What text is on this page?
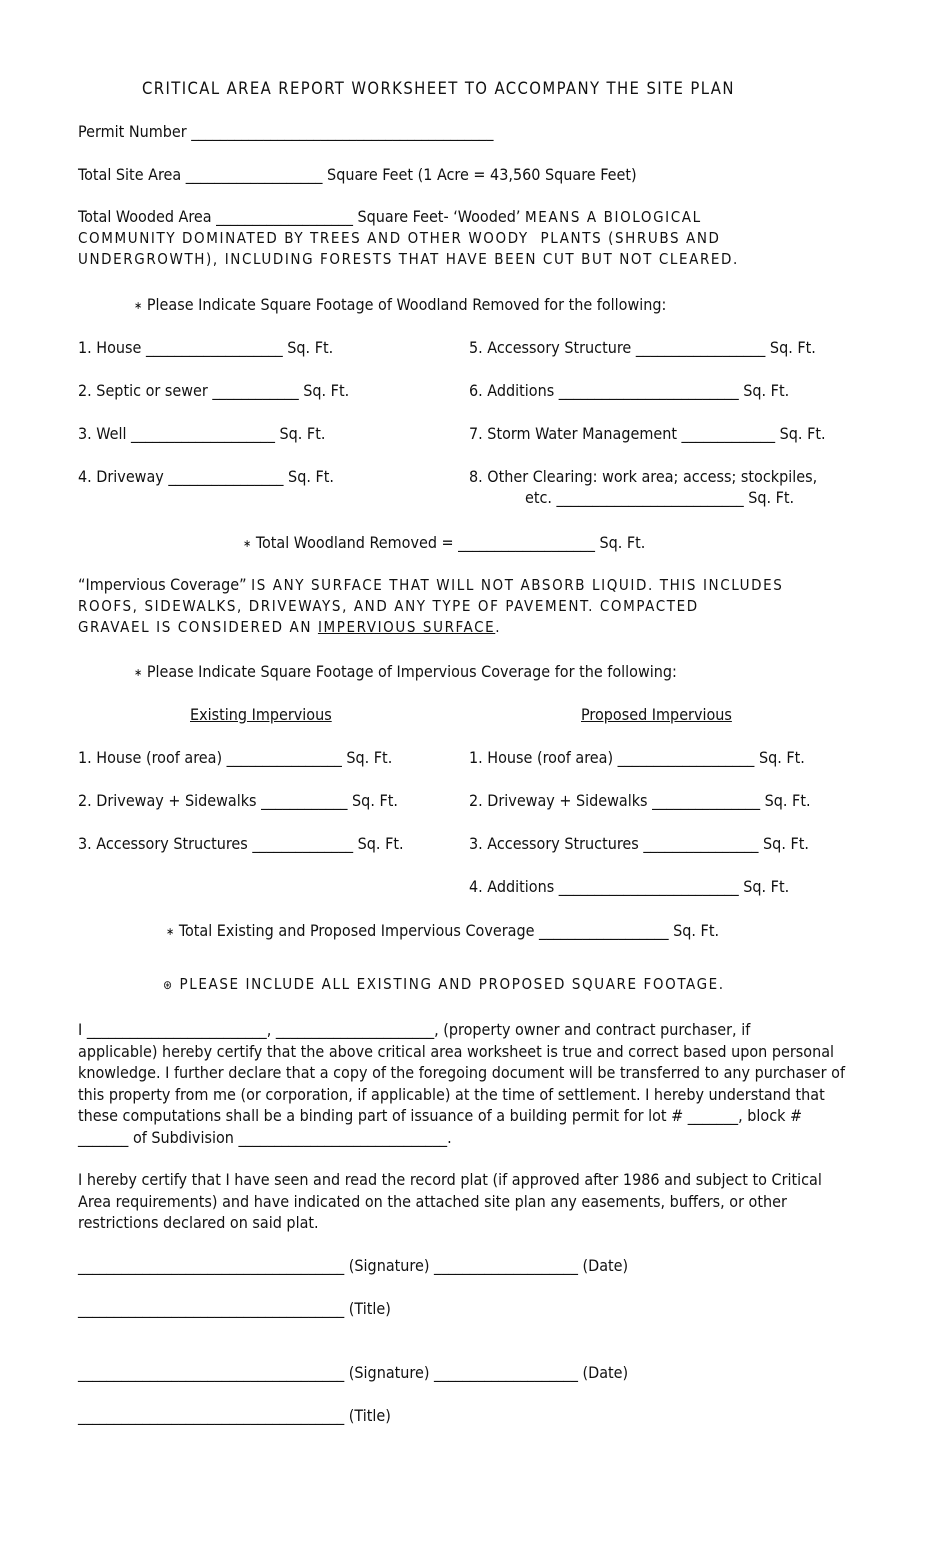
CRITICAL AREA REPORT WORKSHEET TO ACCOMPANY THE SITE PLAN
Permit Number __________________________________________
Total Site Area ___________________ Square Feet (1 Acre = 43,560 Square Feet)
Total Wooded Area ___________________ Square Feet- ‘Wooded’ MEANS A BIOLOGICAL
COMMUNITY DOMINATED BY TREES AND OTHER WOODY  PLANTS (SHRUBS AND
UNDERGROWTH), INCLUDING FORESTS THAT HAVE BEEN CUT BUT NOT CLEARED.
∗ Please Indicate Square Footage of Woodland Removed for the following:
1. House ___________________ Sq. Ft.
2. Septic or sewer ____________ Sq. Ft.
3. Well ____________________ Sq. Ft.
4. Driveway ________________ Sq. Ft.
5. Accessory Structure __________________ Sq. Ft.
6. Additions _________________________ Sq. Ft.
7. Storm Water Management _____________ Sq. Ft.
8. Other Clearing: work area; access; stockpiles,
etc. __________________________ Sq. Ft.
∗ Total Woodland Removed = ___________________ Sq. Ft.
“Impervious Coverage” IS ANY SURFACE THAT WILL NOT ABSORB LIQUID. THIS INCLUDES
ROOFS, SIDEWALKS, DRIVEWAYS, AND ANY TYPE OF PAVEMENT. COMPACTED
GRAVAEL IS CONSIDERED AN IMPERVIOUS SURFACE.
∗ Please Indicate Square Footage of Impervious Coverage for the following:
Existing Impervious	Proposed Impervious
1. House (roof area) ________________ Sq. Ft.
2. Driveway + Sidewalks ____________ Sq. Ft.
3. Accessory Structures ______________ Sq. Ft.
1. House (roof area) ___________________ Sq. Ft.
2. Driveway + Sidewalks _______________ Sq. Ft.
3. Accessory Structures ________________ Sq. Ft.
4. Additions _________________________ Sq. Ft.
∗ Total Existing and Proposed Impervious Coverage __________________ Sq. Ft.
⊛ PLEASE INCLUDE ALL EXISTING AND PROPOSED SQUARE FOOTAGE.
I _________________________, ______________________, (property owner and contract purchaser, if
applicable) hereby certify that the above critical area worksheet is true and correct based upon personal
knowledge. I further declare that a copy of the foregoing document will be transferred to any purchaser of
this property from me (or corporation, if applicable) at the time of settlement. I hereby understand that
these computations shall be a binding part of issuance of a building permit for lot # _______, block #
_______ of Subdivision _____________________________.
I hereby certify that I have seen and read the record plat (if approved after 1986 and subject to Critical
Area requirements) and have indicated on the attached site plan any easements, buffers, or other
restrictions declared on said plat.
_____________________________________ (Signature) ____________________ (Date)
_____________________________________ (Title)
_____________________________________ (Signature) ____________________ (Date)
_____________________________________ (Title)
